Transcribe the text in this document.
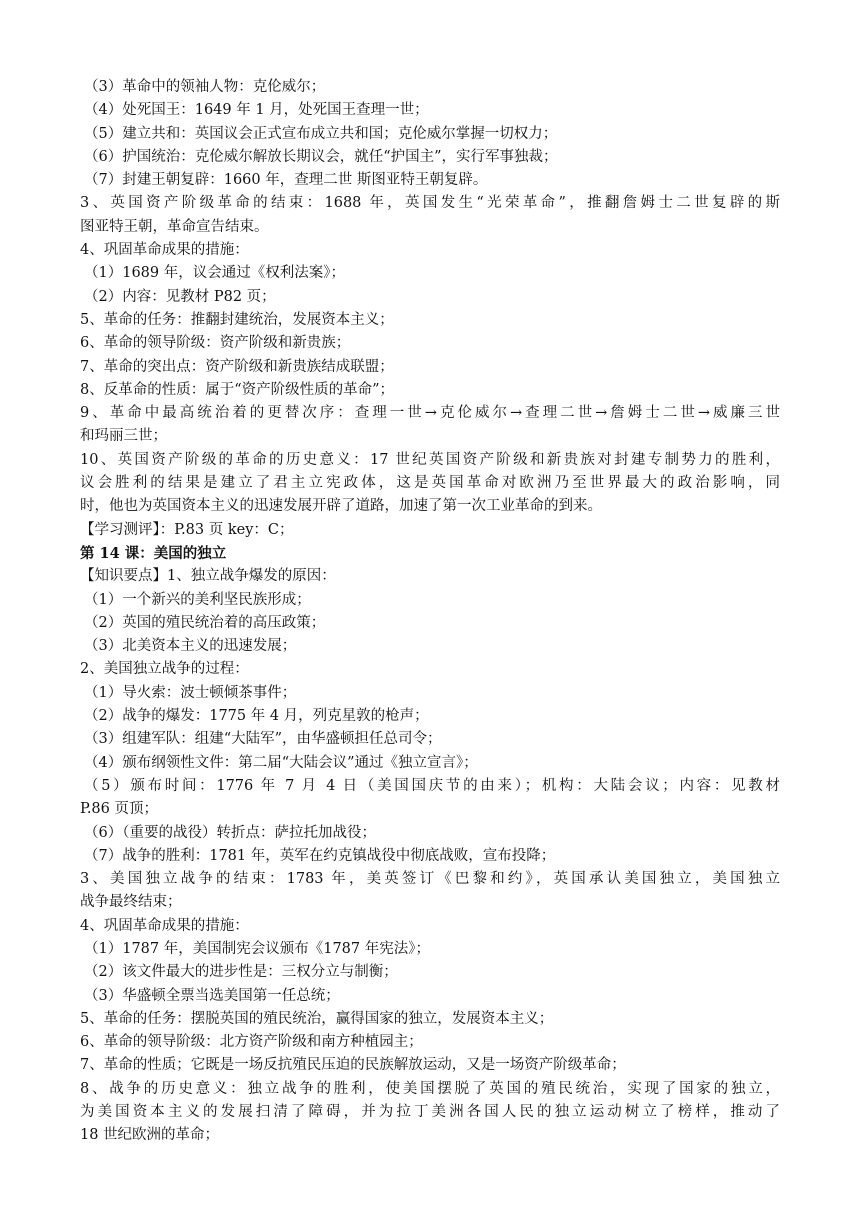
（3）革命中的领袖人物：克伦威尔；
（4）处死国王：1649 年 1 月，处死国王查理一世；
（5）建立共和：英国议会正式宣布成立共和国；克伦威尔掌握一切权力；
（6）护国统治：克伦威尔解放长期议会，就任“护国主”，实行军事独裁；
（7）封建王朝复辟：1660 年，查理二世 斯图亚特王朝复辟。
3、英国资产阶级革命的结束：1688 年，英国发生“光荣革命”，推翻詹姆士二世复辟的斯
图亚特王朝，革命宣告结束。
4、巩固革命成果的措施：
（1）1689 年，议会通过《权利法案》；
（2）内容：见教材 P82 页；
5、革命的任务：推翻封建统治，发展资本主义；
6、革命的领导阶级：资产阶级和新贵族；
7、革命的突出点：资产阶级和新贵族结成联盟；
8、反革命的性质：属于“资产阶级性质的革命”；
9、革命中最高统治着的更替次序：查理一世→克伦威尔→查理二世→詹姆士二世→威廉三世
和玛丽三世；
10、英国资产阶级的革命的历史意义：17 世纪英国资产阶级和新贵族对封建专制势力的胜利，
议会胜利的结果是建立了君主立宪政体，这是英国革命对欧洲乃至世界最大的政治影响，同
时，他也为英国资本主义的迅速发展开辟了道路，加速了第一次工业革命的到来。
【学习测评】：P.83 页 key：C；
第 14 课：美国的独立
【知识要点】1、独立战争爆发的原因：
（1）一个新兴的美利坚民族形成；
（2）英国的殖民统治着的高压政策；
（3）北美资本主义的迅速发展；
2、美国独立战争的过程：
（1）导火索：波士顿倾茶事件；
（2）战争的爆发：1775 年 4 月，列克星敦的枪声；
（3）组建军队：组建“大陆军”，由华盛顿担任总司令；
（4）颁布纲领性文件：第二届“大陆会议”通过《独立宣言》；
（5）颁布时间：1776 年 7 月 4 日（美国国庆节的由来）；机构：大陆会议；内容：见教材
P.86 页顶；
（6）（重要的战役）转折点：萨拉托加战役；
（7）战争的胜利：1781 年，英军在约克镇战役中彻底战败，宣布投降；
3、美国独立战争的结束：1783 年，美英签订《巴黎和约》，英国承认美国独立，美国独立
战争最终结束；
4、巩固革命成果的措施：
（1）1787 年，美国制宪会议颁布《1787 年宪法》；
（2）该文件最大的进步性是：三权分立与制衡；
（3）华盛顿全票当选美国第一任总统；
5、革命的任务：摆脱英国的殖民统治，赢得国家的独立，发展资本主义；
6、革命的领导阶级：北方资产阶级和南方种植园主；
7、革命的性质；它既是一场反抗殖民压迫的民族解放运动，又是一场资产阶级革命；
8、战争的历史意义：独立战争的胜利，使美国摆脱了英国的殖民统治，实现了国家的独立，
为美国资本主义的发展扫清了障碍，并为拉丁美洲各国人民的独立运动树立了榜样，推动了
18 世纪欧洲的革命；
